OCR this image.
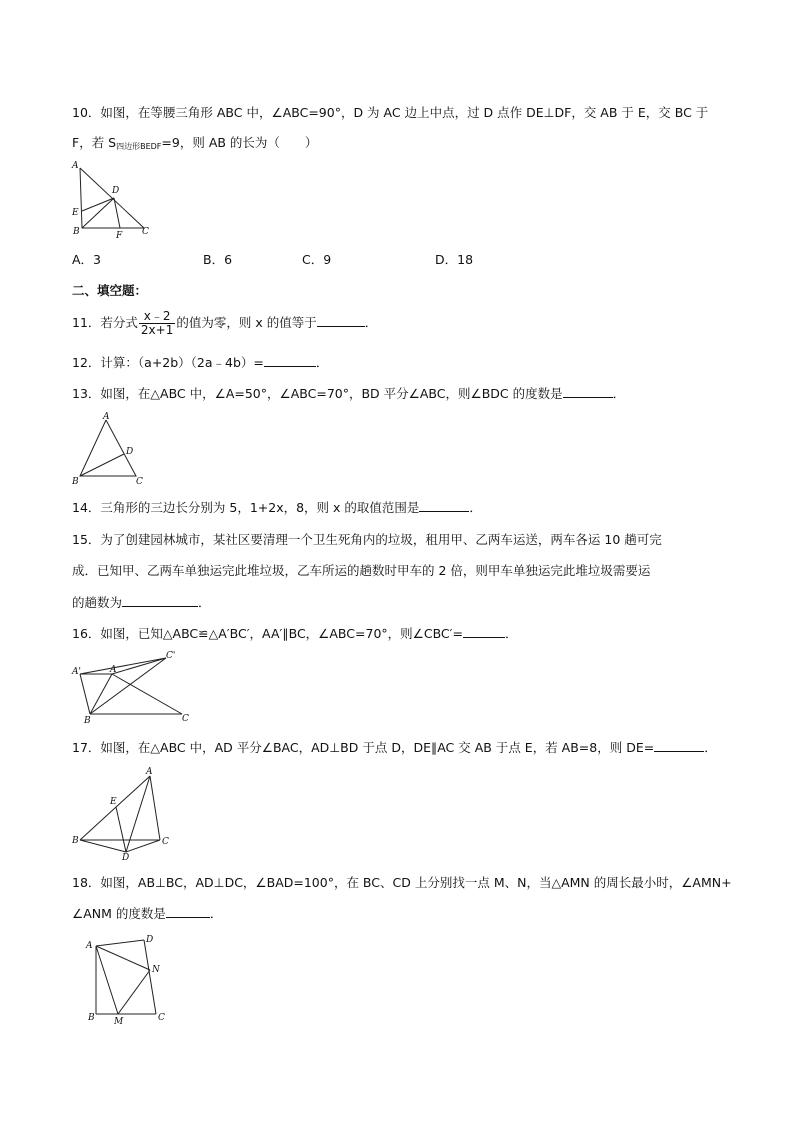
10．如图，在等腰三角形 ABC 中，∠ABC=90°，D 为 AC 边上中点，过 D 点作 DE⊥DF，交 AB 于 E，交 BC 于
F，若 $S_{四边形BEDF}=9$，则 AB 的长为（　　）
A
D
E
B	F C
A．3	B．6	C．9	D．18
二、填空题：
11．若分式 $\frac{x﹣2}{2x+1}$ 的值为零，则 x 的值等于	．
12．计算：（a+2b）（2a﹣4b）=	．
13．如图，在△ABC 中，∠A=50°，∠ABC=70°，BD 平分∠ABC，则∠BDC 的度数是	．
A
D
B	C
14．三角形的三边长分别为 5，1+2x，8，则 x 的取值范围是	．
15．为了创建园林城市，某社区要清理一个卫生死角内的垃圾，租用甲、乙两车运送，两车各运 10 趟可完
成．已知甲、乙两车单独运完此堆垃圾，乙车所运的趟数时甲车的 2 倍，则甲车单独运完此堆垃圾需要运
的趟数为	．
16．如图，已知△ABC≌△A′BC′，AA′∥BC，∠ABC=70°，则∠CBC′=	．
A'	A
C'
B	C
17．如图，在△ABC 中，AD 平分∠BAC，AD⊥BD 于点 D，DE∥AC 交 AB 于点 E，若 AB=8，则 DE=	．
A
E
B	C
D
18．如图，AB⊥BC，AD⊥DC，∠BAD=100°，在 BC、CD 上分别找一点 M、N，当△AMN 的周长最小时，∠AMN+
∠ANM 的度数是	．
A
D
N
B M	C
